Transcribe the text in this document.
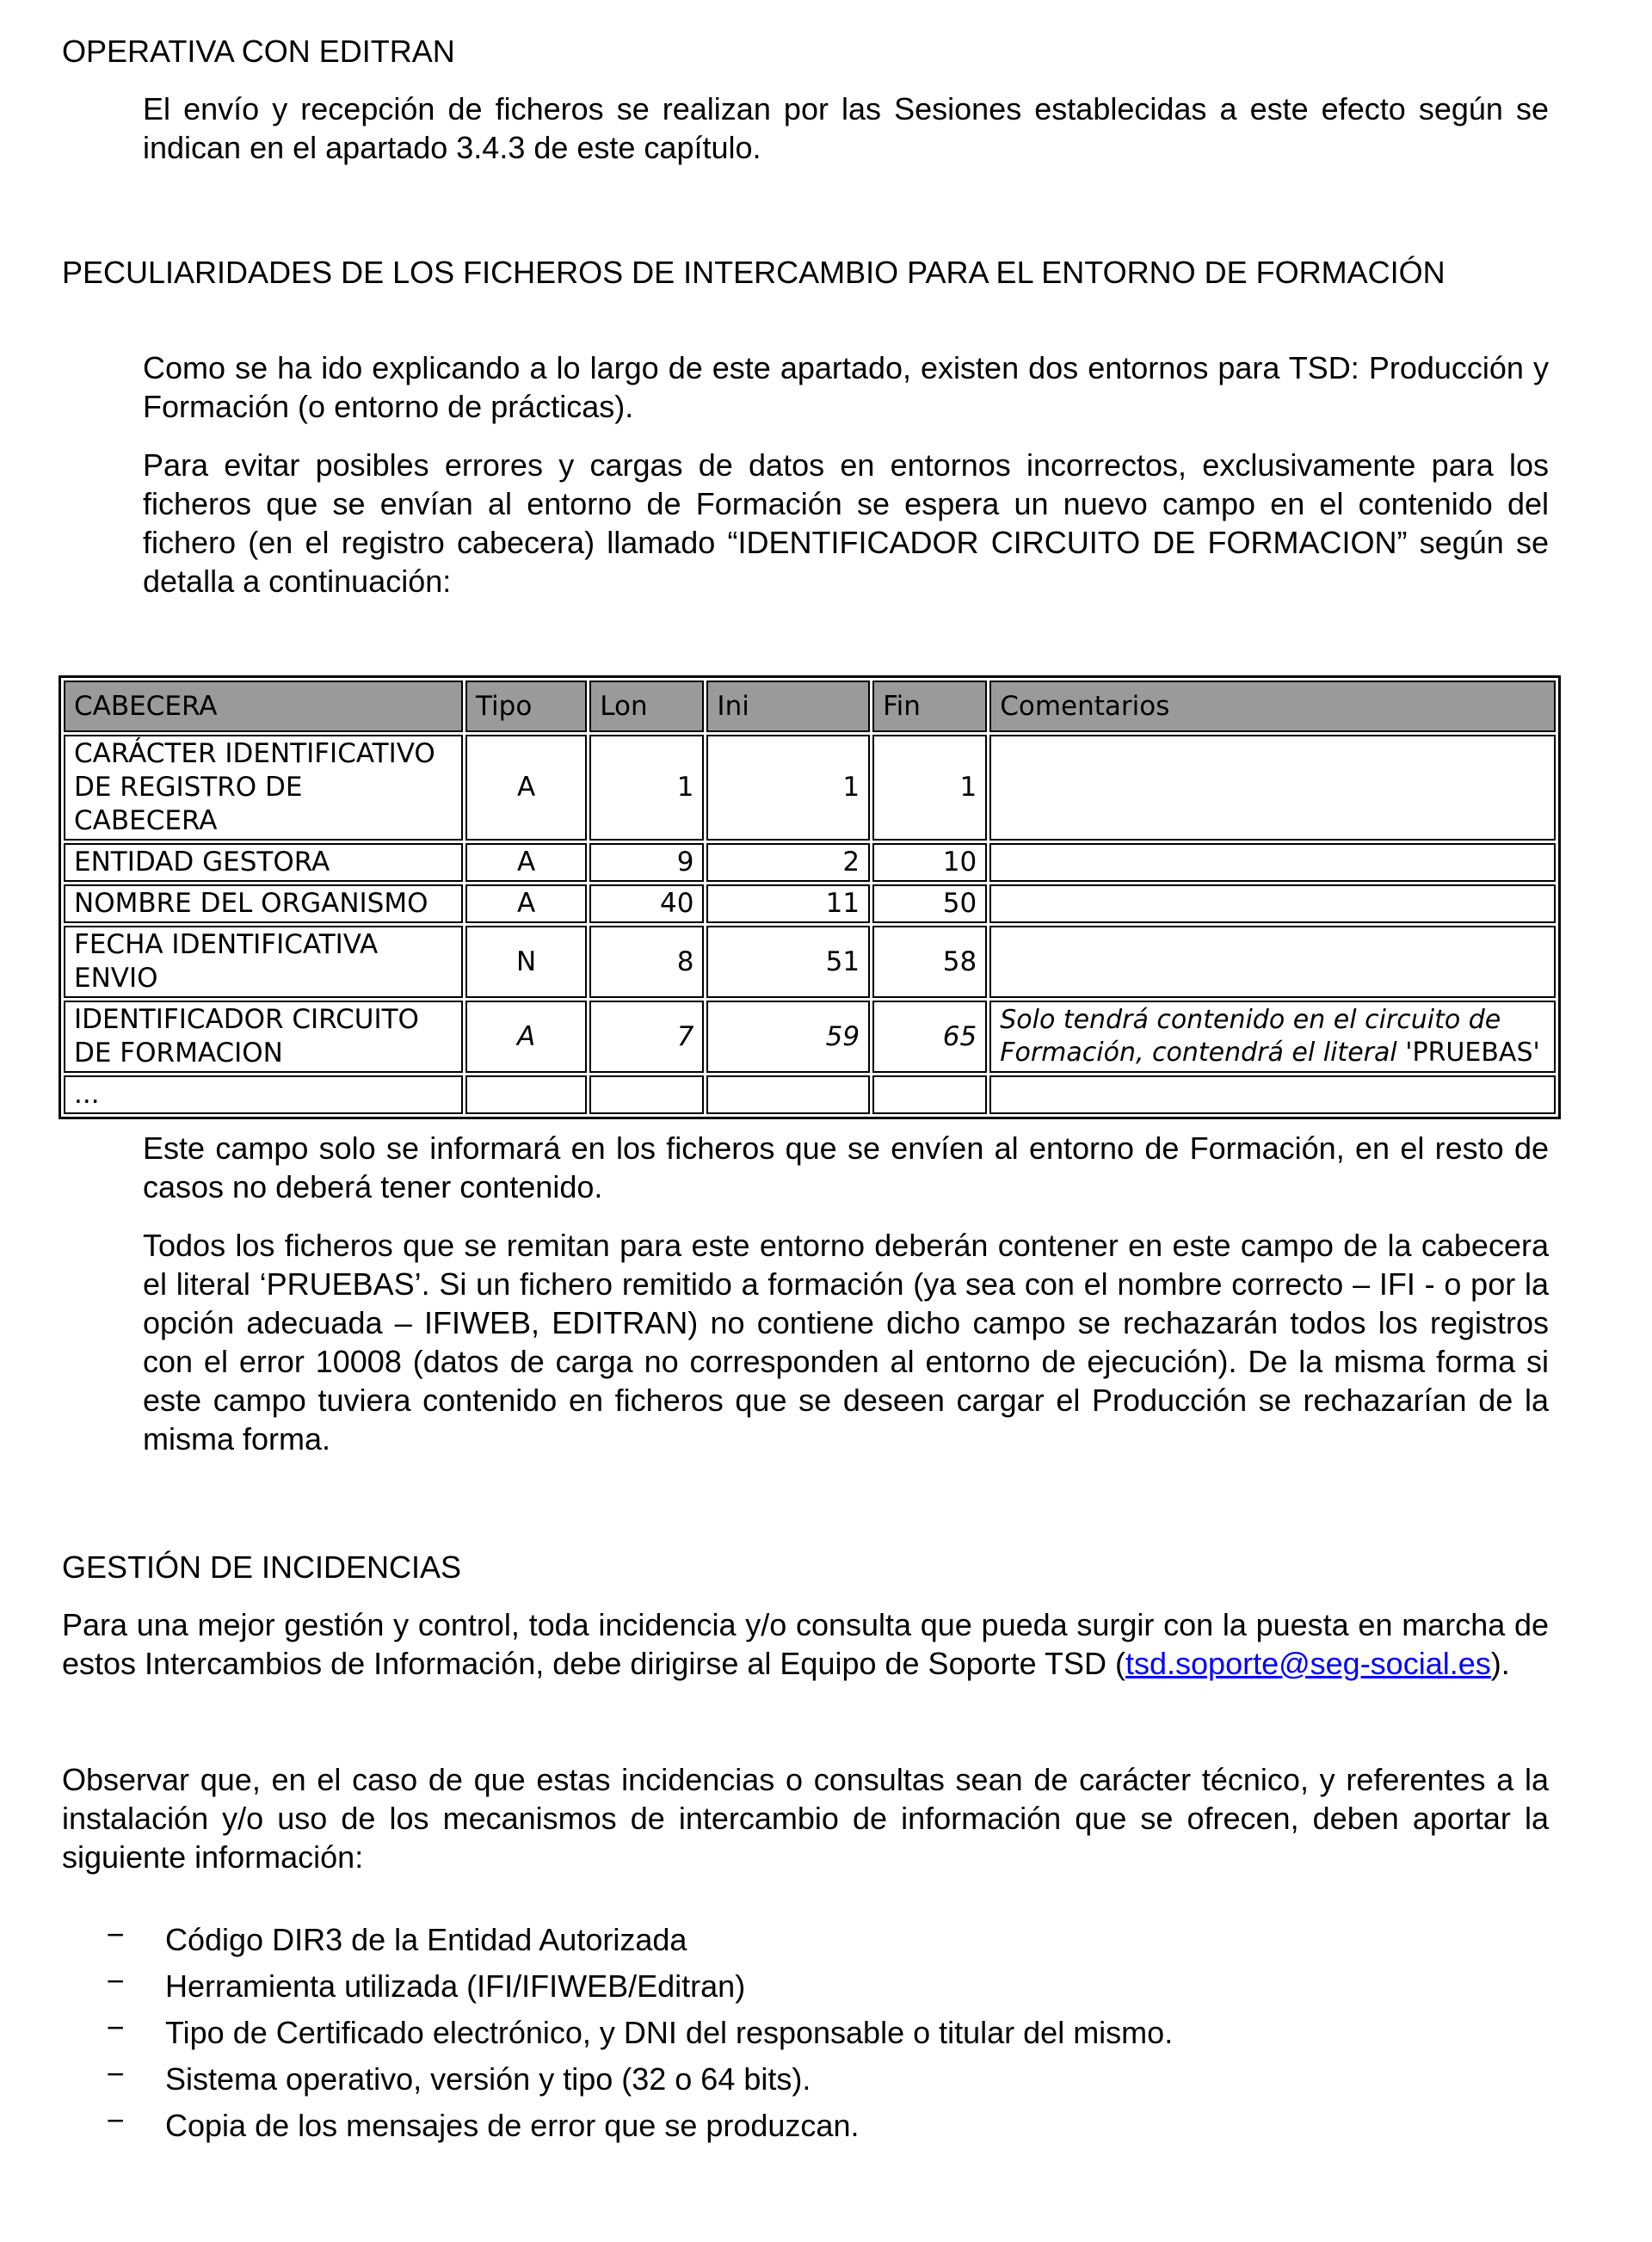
OPERATIVA CON EDITRAN

El envío y recepción de ficheros se realizan por las Sesiones establecidas a este efecto según se indican en el apartado 3.4.3 de este capítulo.

PECULIARIDADES DE LOS FICHEROS DE INTERCAMBIO PARA EL ENTORNO DE FORMACIÓN

Como se ha ido explicando a lo largo de este apartado, existen dos entornos para TSD: Producción y Formación (o entorno de prácticas).

Para evitar posibles errores y cargas de datos en entornos incorrectos, exclusivamente para los ficheros que se envían al entorno de Formación se espera un nuevo campo en el contenido del fichero (en el registro cabecera) llamado “IDENTIFICADOR CIRCUITO DE FORMACION” según se detalla a continuación:

CABECERA	Tipo	Lon	Ini	Fin	Comentarios
CARÁCTER IDENTIFICATIVO DE REGISTRO DE CABECERA	A	1	1	1	
ENTIDAD GESTORA	A	9	2	10	
NOMBRE DEL ORGANISMO	A	40	11	50	
FECHA IDENTIFICATIVA ENVIO	N	8	51	58	
IDENTIFICADOR CIRCUITO DE FORMACION	A	7	59	65	Solo tendrá contenido en el circuito de Formación, contendrá el literal 'PRUEBAS'
...					

Este campo solo se informará en los ficheros que se envíen al entorno de Formación, en el resto de casos no deberá tener contenido.

Todos los ficheros que se remitan para este entorno deberán contener en este campo de la cabecera el literal ‘PRUEBAS’. Si un fichero remitido a formación (ya sea con el nombre correcto – IFI - o por la opción adecuada – IFIWEB, EDITRAN) no contiene dicho campo se rechazarán todos los registros con el error 10008 (datos de carga no corresponden al entorno de ejecución). De la misma forma si este campo tuviera contenido en ficheros que se deseen cargar el Producción se rechazarían de la misma forma.

GESTIÓN DE INCIDENCIAS

Para una mejor gestión y control, toda incidencia y/o consulta que pueda surgir con la puesta en marcha de estos Intercambios de Información, debe dirigirse al Equipo de Soporte TSD (tsd.soporte@seg-social.es).

Observar que, en el caso de que estas incidencias o consultas sean de carácter técnico, y referentes a la instalación y/o uso de los mecanismos de intercambio de información que se ofrecen, deben aportar la siguiente información:

− Código DIR3 de la Entidad Autorizada
− Herramienta utilizada (IFI/IFIWEB/Editran)
− Tipo de Certificado electrónico, y DNI del responsable o titular del mismo.
− Sistema operativo, versión y tipo (32 o 64 bits).
− Copia de los mensajes de error que se produzcan.
